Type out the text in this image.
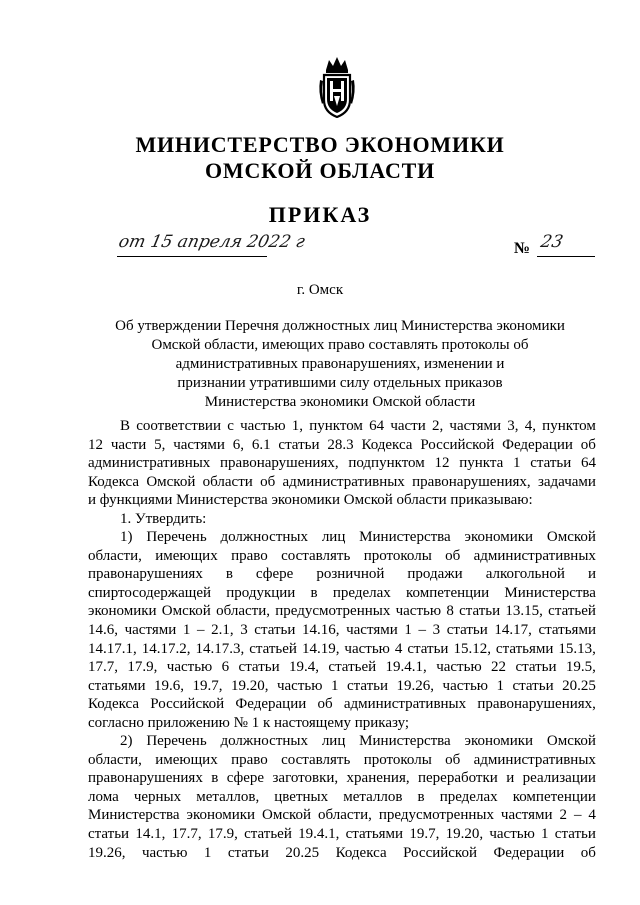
МИНИСТЕРСТВО ЭКОНОМИКИ
ОМСКОЙ ОБЛАСТИ
ПРИКАЗ
от 15 апреля 2022 г	№ 23
г. Омск
Об утверждении Перечня должностных лиц Министерства экономики
Омской области, имеющих право составлять протоколы об
административных правонарушениях, изменении и
признании утратившими силу отдельных приказов
Министерства экономики Омской области
В соответствии с частью 1, пунктом 64 части 2, частями 3, 4, пунктом
12 части 5, частями 6, 6.1 статьи 28.3 Кодекса Российской Федерации об
административных правонарушениях, подпунктом 12 пункта 1 статьи 64
Кодекса Омской области об административных правонарушениях, задачами
и функциями Министерства экономики Омской области приказываю:
1. Утвердить:
1) Перечень должностных лиц Министерства экономики Омской
области, имеющих право составлять протоколы об административных
правонарушениях в сфере розничной продажи алкогольной и
спиртосодержащей продукции в пределах компетенции Министерства
экономики Омской области, предусмотренных частью 8 статьи 13.15, статьей
14.6, частями 1 – 2.1, 3 статьи 14.16, частями 1 – 3 статьи 14.17, статьями
14.17.1, 14.17.2, 14.17.3, статьей 14.19, частью 4 статьи 15.12, статьями 15.13,
17.7, 17.9, частью 6 статьи 19.4, статьей 19.4.1, частью 22 статьи 19.5,
статьями 19.6, 19.7, 19.20, частью 1 статьи 19.26, частью 1 статьи 20.25
Кодекса Российской Федерации об административных правонарушениях,
согласно приложению № 1 к настоящему приказу;
2) Перечень должностных лиц Министерства экономики Омской
области, имеющих право составлять протоколы об административных
правонарушениях в сфере заготовки, хранения, переработки и реализации
лома черных металлов, цветных металлов в пределах компетенции
Министерства экономики Омской области, предусмотренных частями 2 – 4
статьи 14.1, 17.7, 17.9, статьей 19.4.1, статьями 19.7, 19.20, частью 1 статьи
19.26, частью 1 статьи 20.25 Кодекса Российской Федерации об
